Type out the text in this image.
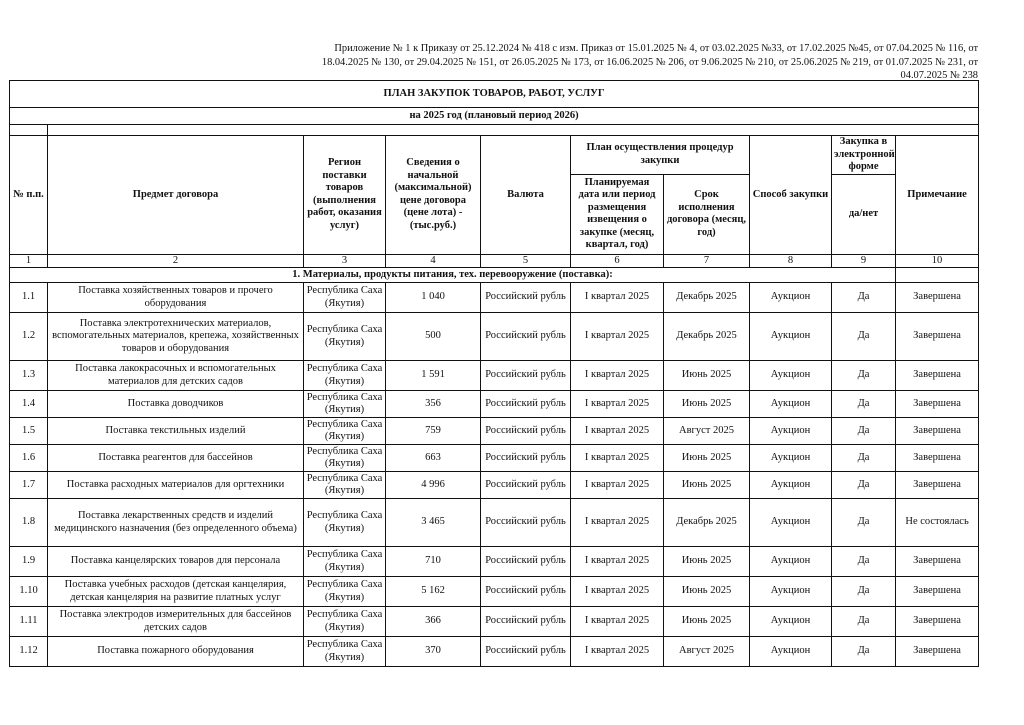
Приложение № 1 к Приказу от 25.12.2024 № 418 с изм. Приказ от 15.01.2025 № 4, от 03.02.2025 №33, от 17.02.2025 №45, от 07.04.2025 № 116, от 18.04.2025 № 130, от 29.04.2025 № 151, от 26.05.2025 № 173, от 16.06.2025 № 206, от 9.06.2025 № 210, от 25.06.2025 № 219, от 01.07.2025 № 231, от 04.07.2025 № 238
ПЛАН ЗАКУПОК ТОВАРОВ, РАБОТ, УСЛУГ									
на 2025 год (плановый период 2026)									

№ п.п.	Предмет договора	Регион поставки товаров (выполнения работ, оказания услуг)	Сведения о начальной (максимальной) цене договора (цене лота) - (тыс.руб.)	Валюта	План осуществления процедур закупки		Способ закупки	Закупка в электронной форме	Примечание
					Планируемая дата или период размещения извещения о закупке (месяц, квартал, год)	Срок исполнения договора (месяц, год)		да/нет	
1	2	3	4	5	6	7	8	9	10
1. Материалы, продукты питания, тех. перевооружение (поставка):									
1.1	Поставка хозяйственных товаров и прочего оборудования	Республика Саха (Якутия)	1 040	Российский рубль	I квартал 2025	Декабрь 2025	Аукцион	Да	Завершена
1.2	Поставка электротехнических материалов, вспомогательных материалов, крепежа, хозяйственных товаров и оборудования	Республика Саха (Якутия)	500	Российский рубль	I квартал 2025	Декабрь 2025	Аукцион	Да	Завершена
1.3	Поставка лакокрасочных и вспомогательных материалов для детских садов	Республика Саха (Якутия)	1 591	Российский рубль	I квартал 2025	Июнь 2025	Аукцион	Да	Завершена
1.4	Поставка доводчиков	Республика Саха (Якутия)	356	Российский рубль	I квартал 2025	Июнь 2025	Аукцион	Да	Завершена
1.5	Поставка текстильных изделий	Республика Саха (Якутия)	759	Российский рубль	I квартал 2025	Август 2025	Аукцион	Да	Завершена
1.6	Поставка реагентов для бассейнов	Республика Саха (Якутия)	663	Российский рубль	I квартал 2025	Июнь 2025	Аукцион	Да	Завершена
1.7	Поставка расходных материалов для оргтехники	Республика Саха (Якутия)	4 996	Российский рубль	I квартал 2025	Июнь 2025	Аукцион	Да	Завершена
1.8	Поставка лекарственных средств и изделий медицинского назначения (без определенного объема)	Республика Саха (Якутия)	3 465	Российский рубль	I квартал 2025	Декабрь 2025	Аукцион	Да	Не состоялась
1.9	Поставка канцелярских товаров для персонала	Республика Саха (Якутия)	710	Российский рубль	I квартал 2025	Июнь 2025	Аукцион	Да	Завершена
1.10	Поставка учебных расходов (детская канцелярия, детская канцелярия на развитие платных услуг	Республика Саха (Якутия)	5 162	Российский рубль	I квартал 2025	Июнь 2025	Аукцион	Да	Завершена
1.11	Поставка электродов измерительных для бассейнов детских садов	Республика Саха (Якутия)	366	Российский рубль	I квартал 2025	Июнь 2025	Аукцион	Да	Завершена
1.12	Поставка пожарного оборудования	Республика Саха (Якутия)	370	Российский рубль	I квартал 2025	Август 2025	Аукцион	Да	Завершена
